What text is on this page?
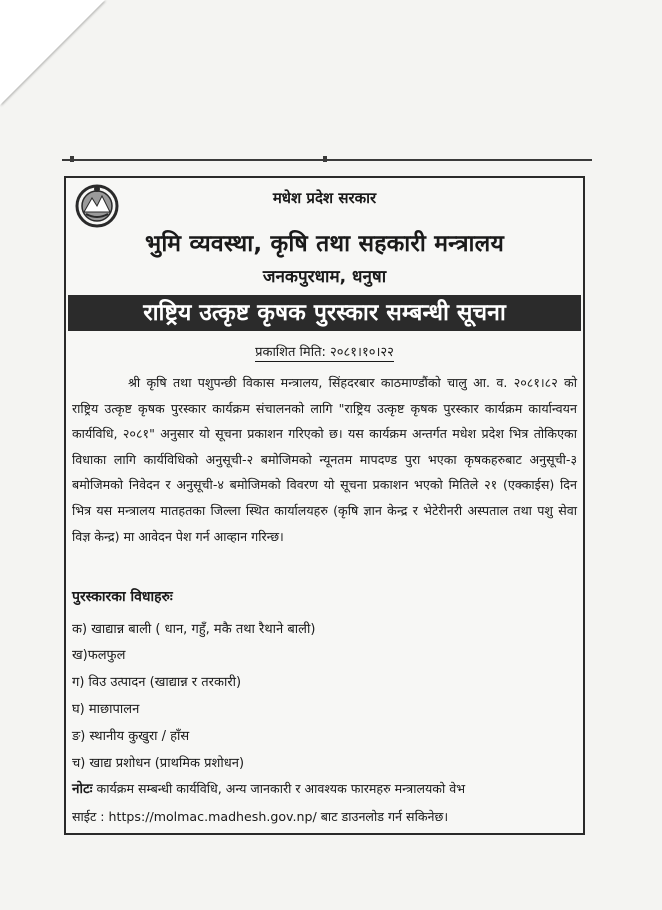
मधेश प्रदेश सरकार
भुमि व्यवस्था, कृषि तथा सहकारी मन्त्रालय
जनकपुरधाम, धनुषा
राष्ट्रिय उत्कृष्ट कृषक पुरस्कार सम्बन्धी सूचना
प्रकाशित मिति: २०८१।१०।२२
श्री कृषि तथा पशुपन्छी विकास मन्त्रालय, सिंहदरबार काठमाण्डौंको चालु आ. व. २०८१।८२ को राष्ट्रिय उत्कृष्ट कृषक पुरस्कार कार्यक्रम संचालनको लागि "राष्ट्रिय उत्कृष्ट कृषक पुरस्कार कार्यक्रम कार्यान्वयन कार्यविधि, २०८१" अनुसार यो सूचना प्रकाशन गरिएको छ। यस कार्यक्रम अन्तर्गत मधेश प्रदेश भित्र तोकिएका विधाका लागि कार्यविधिको अनुसूची-२ बमोजिमको न्यूनतम मापदण्ड पुरा भएका कृषकहरुबाट अनुसूची-३ बमोजिमको निवेदन र अनुसूची-४ बमोजिमको विवरण यो सूचना प्रकाशन भएको मितिले २१ (एक्काईस) दिन भित्र यस मन्त्रालय मातहतका जिल्ला स्थित कार्यालयहरु (कृषि ज्ञान केन्द्र र भेटेरीनरी अस्पताल तथा पशु सेवा विज्ञ केन्द्र) मा आवेदन पेश गर्न आव्हान गरिन्छ।
पुरस्कारका विधाहरुः
क) खाद्यान्न बाली ( धान, गहुँ, मकै तथा रैथाने बाली)
ख)फलफुल
ग) विउ उत्पादन (खाद्यान्न र तरकारी)
घ) माछापालन
ङ) स्थानीय कुखुरा / हाँस
च) खाद्य प्रशोधन (प्राथमिक प्रशोधन)
नोटः कार्यक्रम सम्बन्धी कार्यविधि, अन्य जानकारी र आवश्यक फारमहरु मन्त्रालयको वेभ
साईट : https://molmac.madhesh.gov.np/ बाट डाउनलोड गर्न सकिनेछ।
